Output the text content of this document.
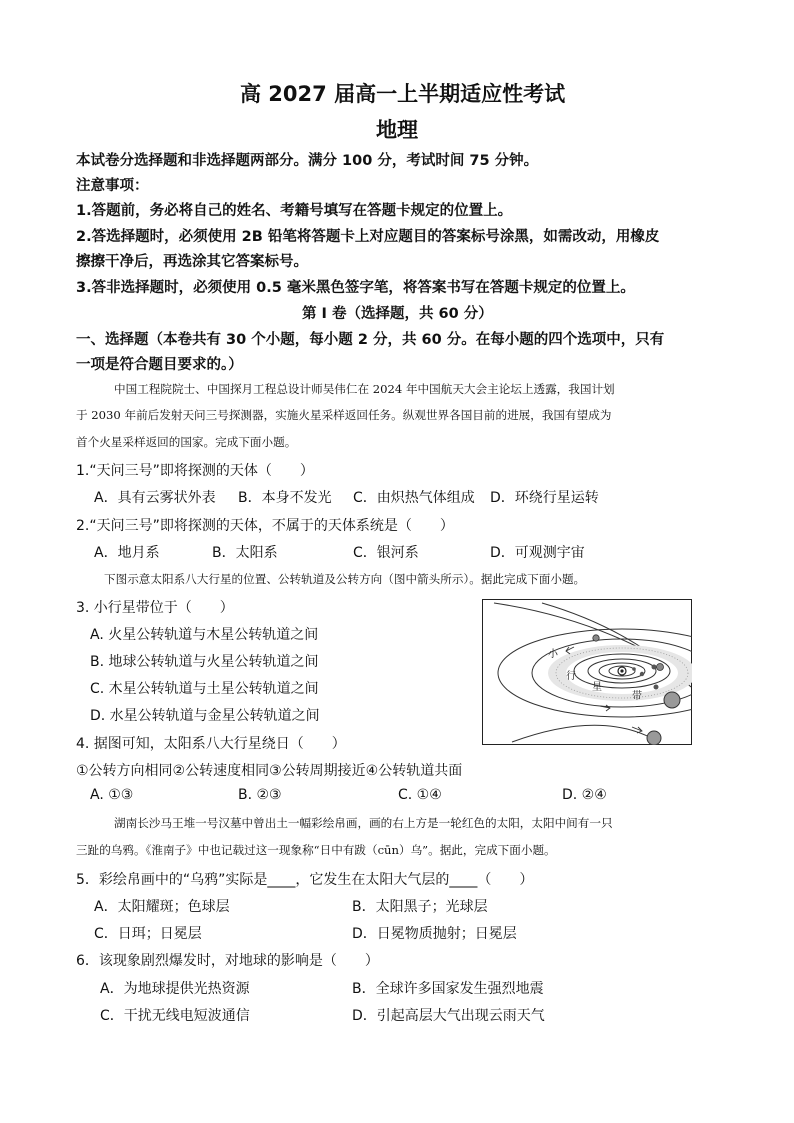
高 2027 届高一上半期适应性考试
地理
本试卷分选择题和非选择题两部分。满分 100 分，考试时间 75 分钟。
注意事项：
1.答题前，务必将自己的姓名、考籍号填写在答题卡规定的位置上。
2.答选择题时，必须使用 2B 铅笔将答题卡上对应题目的答案标号涂黑，如需改动，用橡皮
擦擦干净后，再选涂其它答案标号。
3.答非选择题时，必须使用 0.5 毫米黑色签字笔，将答案书写在答题卡规定的位置上。
第 I 卷（选择题，共 60 分）
一、选择题（本卷共有 30 个小题，每小题 2 分，共 60 分。在每小题的四个选项中，只有
一项是符合题目要求的。）
中国工程院院士、中国探月工程总设计师吴伟仁在 2024 年中国航天大会主论坛上透露，我国计划
于 2030 年前后发射天问三号探测器，实施火星采样返回任务。纵观世界各国目前的进展，我国有望成为
首个火星采样返回的国家。完成下面小题。
1.“天问三号”即将探测的天体（　　）
A．具有云雾状外表 B．本身不发光 C．由炽热气体组成 D．环绕行星运转
2.“天问三号”即将探测的天体，不属于的天体系统是（　　）
A．地月系	B．太阳系	C．银河系	D．可观测宇宙
下图示意太阳系八大行星的位置、公转轨道及公转方向（图中箭头所示）。据此完成下面小题。
3. 小行星带位于（　　）
A. 火星公转轨道与木星公转轨道之间
B. 地球公转轨道与火星公转轨道之间
C. 木星公转轨道与土星公转轨道之间
D. 水星公转轨道与金星公转轨道之间
小
行
星
带
4. 据图可知，太阳系八大行星绕日（　　）
①公转方向相同②公转速度相同③公转周期接近④公转轨道共面
A. ①③	B. ②③	C. ①④	D. ②④
湖南长沙马王堆一号汉墓中曾出土一幅彩绘帛画，画的右上方是一轮红色的太阳，太阳中间有一只
三趾的乌鸦。《淮南子》中也记载过这一现象称“日中有跋（cūn）乌”。据此，完成下面小题。
5．彩绘帛画中的“乌鸦”实际是____，它发生在太阳大气层的____（　　）
A．太阳耀斑；色球层	B．太阳黑子；光球层
C．日珥；日冕层	D．日冕物质抛射；日冕层
6．该现象剧烈爆发时，对地球的影响是（　　）
A．为地球提供光热资源	B．全球许多国家发生强烈地震
C．干扰无线电短波通信	D．引起高层大气出现云雨天气
